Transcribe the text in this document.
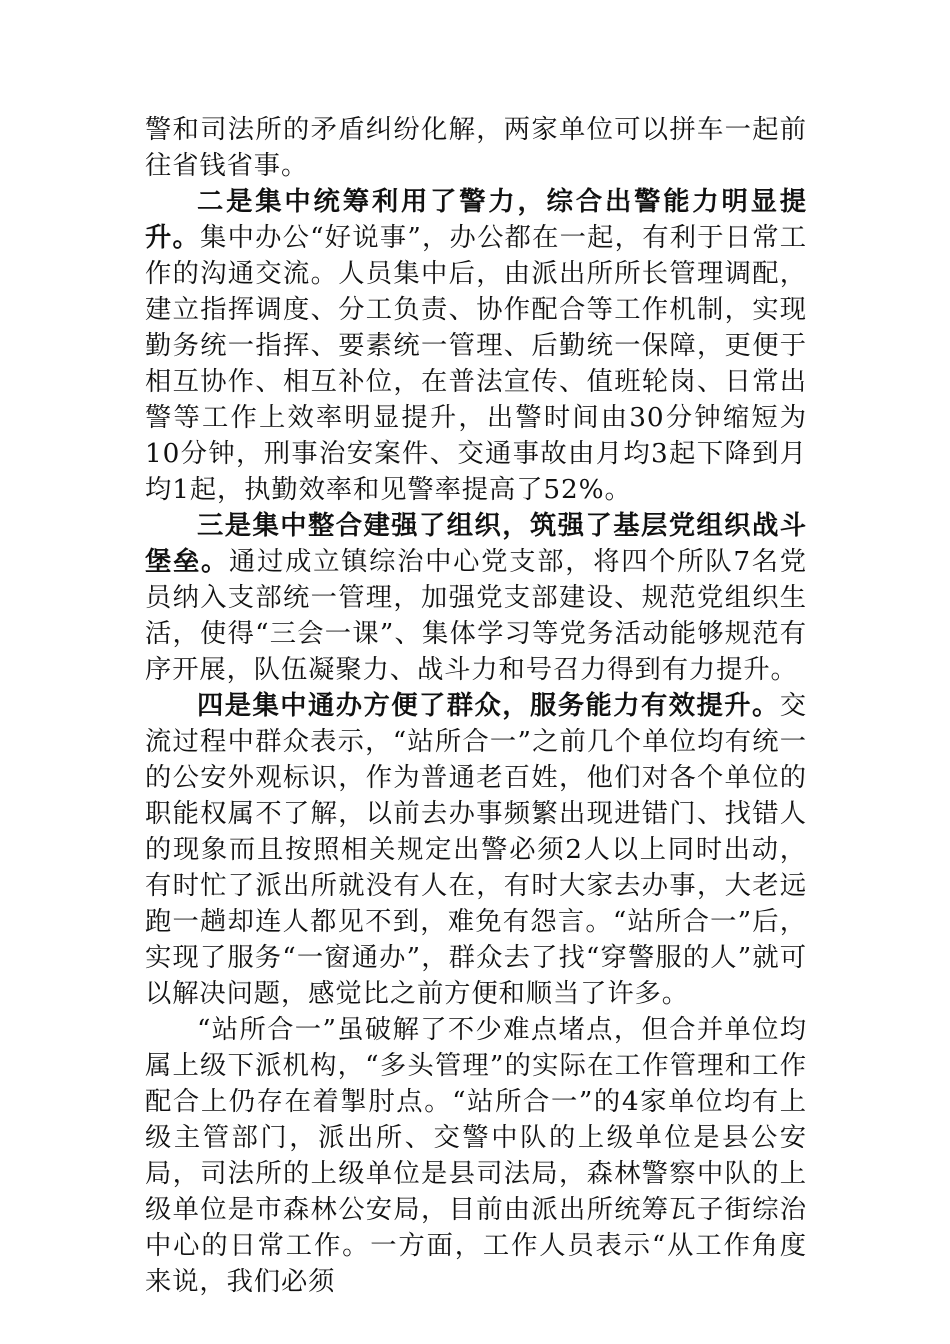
警和司法所的矛盾纠纷化解，两家单位可以拼车一起前往省钱省事。

二是集中统筹利用了警力，综合出警能力明显提升。集中办公“好说事”，办公都在一起，有利于日常工作的沟通交流。人员集中后，由派出所所长管理调配，建立指挥调度、分工负责、协作配合等工作机制，实现勤务统一指挥、要素统一管理、后勤统一保障，更便于相互协作、相互补位，在普法宣传、值班轮岗、日常出警等工作上效率明显提升，出警时间由30分钟缩短为10分钟，刑事治安案件、交通事故由月均3起下降到月均1起，执勤效率和见警率提高了52%。

三是集中整合建强了组织，筑强了基层党组织战斗堡垒。通过成立镇综治中心党支部，将四个所队7名党员纳入支部统一管理，加强党支部建设、规范党组织生活，使得“三会一课”、集体学习等党务活动能够规范有序开展，队伍凝聚力、战斗力和号召力得到有力提升。

四是集中通办方便了群众，服务能力有效提升。交流过程中群众表示，“站所合一”之前几个单位均有统一的公安外观标识，作为普通老百姓，他们对各个单位的职能权属不了解，以前去办事频繁出现进错门、找错人的现象而且按照相关规定出警必须2人以上同时出动，有时忙了派出所就没有人在，有时大家去办事，大老远跑一趟却连人都见不到，难免有怨言。“站所合一”后，实现了服务“一窗通办”，群众去了找“穿警服的人”就可以解决问题，感觉比之前方便和顺当了许多。

“站所合一”虽破解了不少难点堵点，但合并单位均属上级下派机构，“多头管理”的实际在工作管理和工作配合上仍存在着掣肘点。“站所合一”的4家单位均有上级主管部门，派出所、交警中队的上级单位是县公安局，司法所的上级单位是县司法局，森林警察中队的上级单位是市森林公安局，目前由派出所统筹瓦子街综治中心的日常工作。一方面，工作人员表示“从工作角度来说，我们必须
